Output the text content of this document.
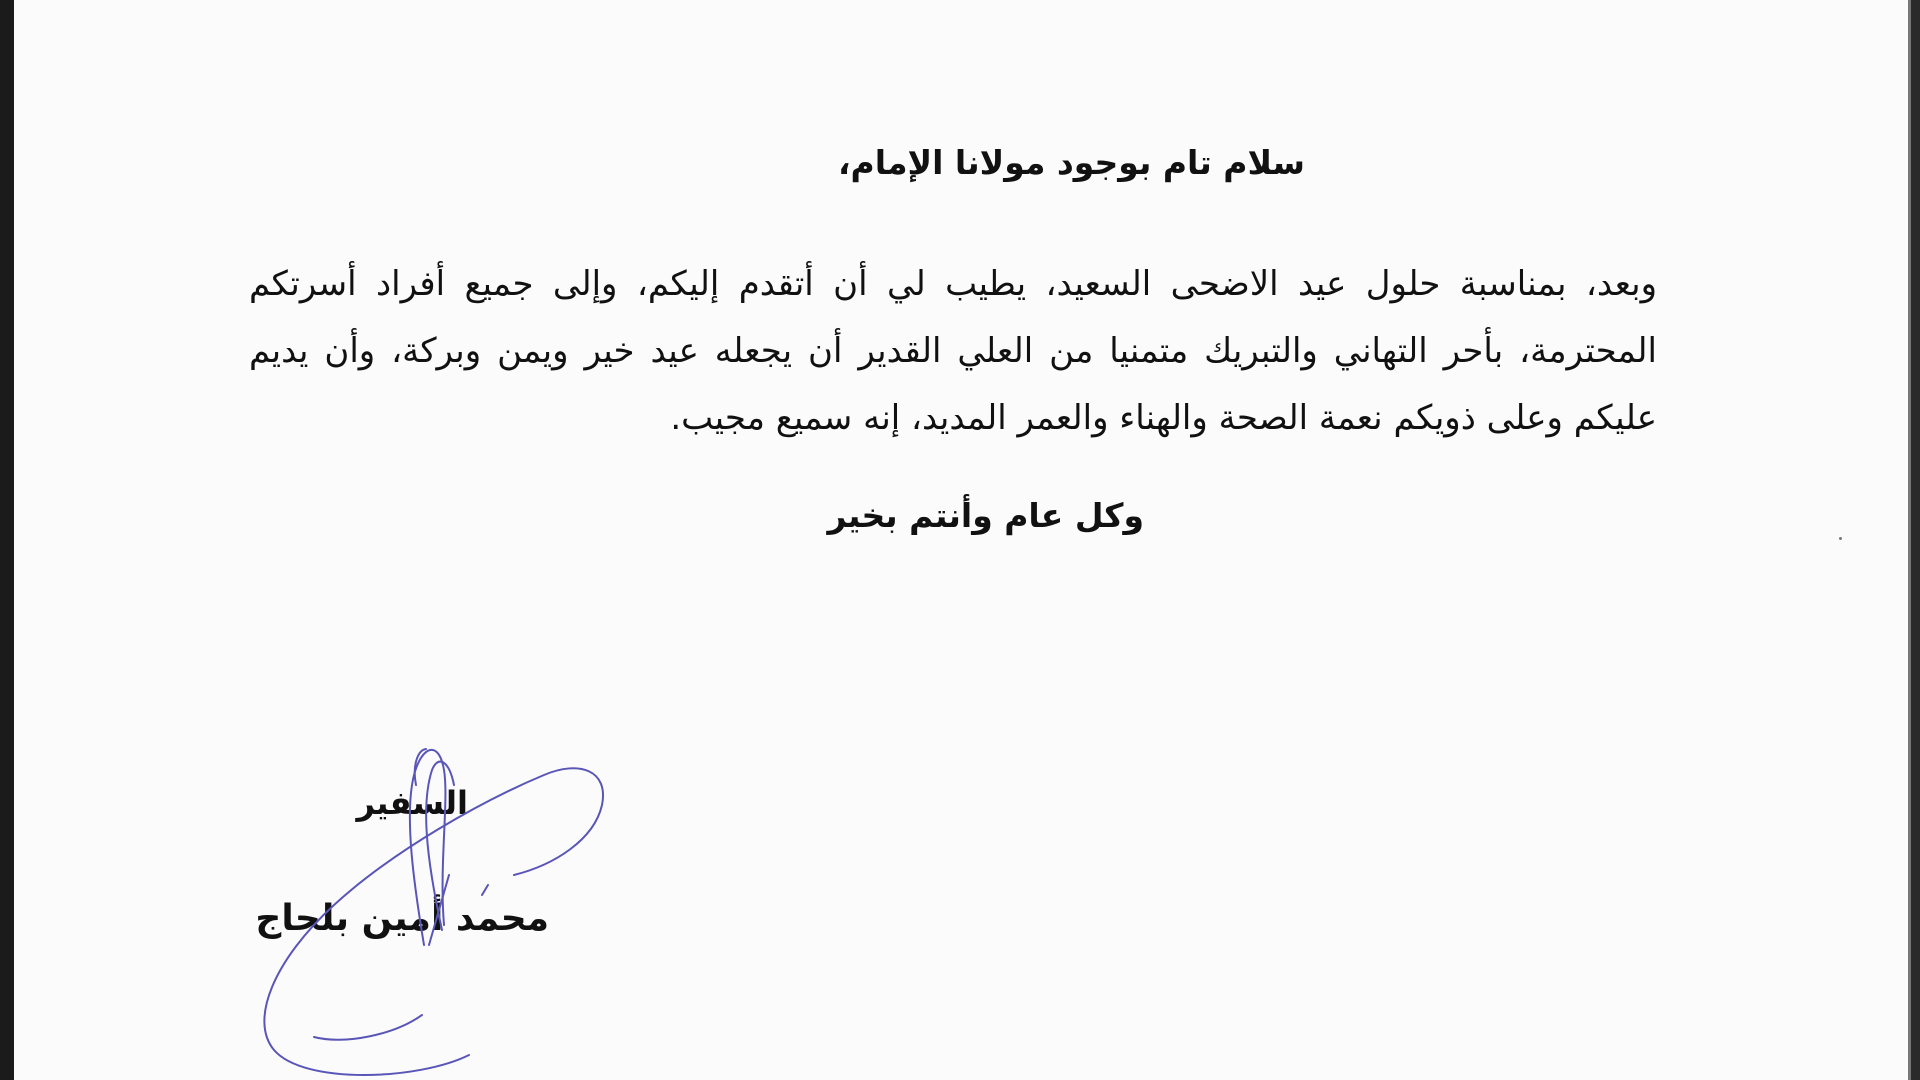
سلام تام بوجود مولانا الإمام،
وبعد، بمناسبة حلول عيد الاضحى السعيد، يطيب لي أن أتقدم إليكم، وإلى جميع أفراد أسرتكم المحترمة، بأحر التهاني والتبريك متمنيا من العلي القدير أن يجعله عيد خير ويمن وبركة، وأن يديم عليكم وعلى ذويكم نعمة الصحة والهناء والعمر المديد، إنه سميع مجيب.
وكل عام وأنتم بخير
السفير
محمد أمين بلحاج
